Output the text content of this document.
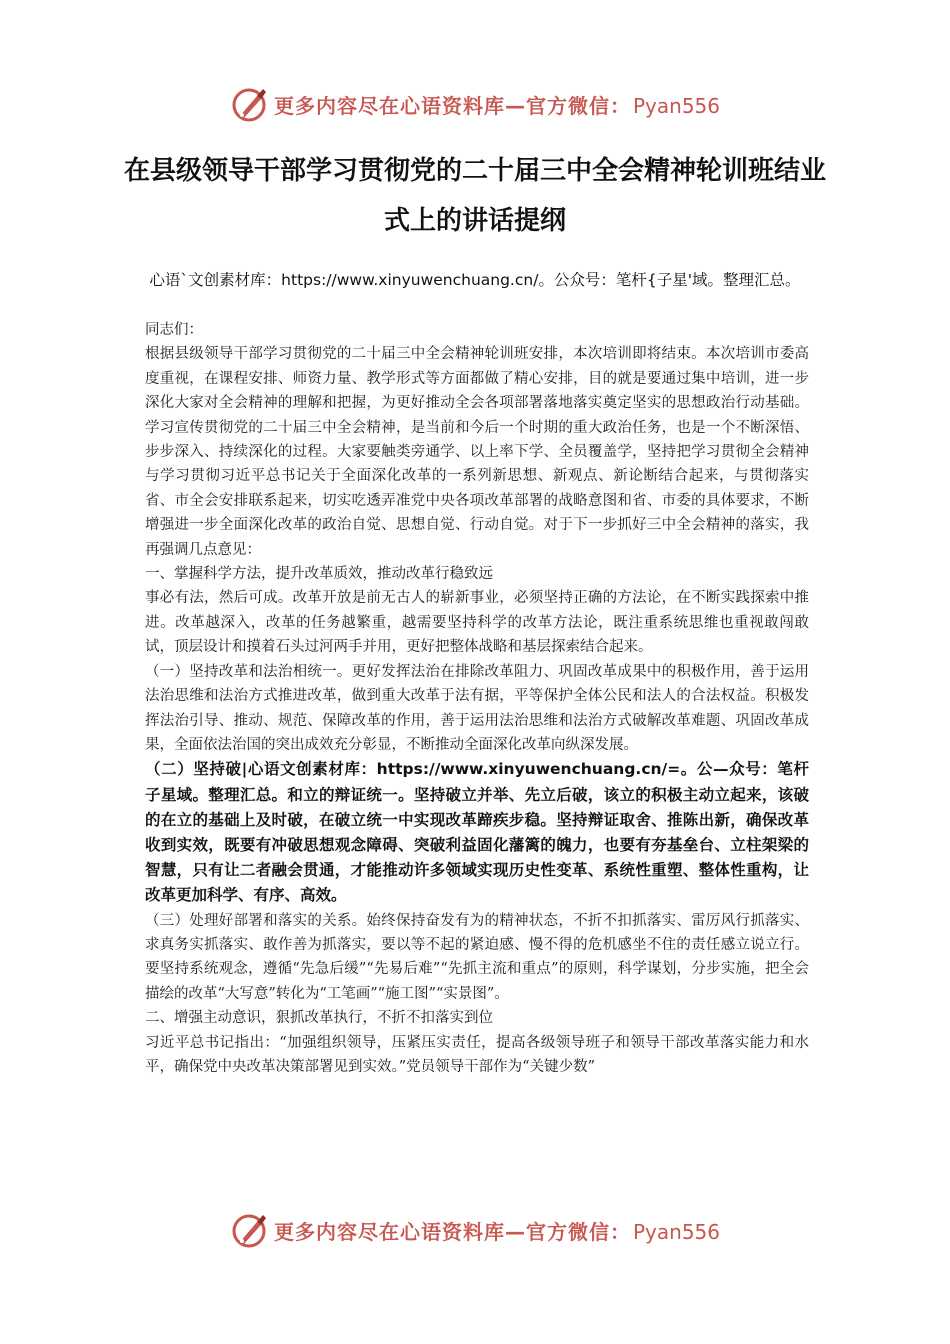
更多内容尽在心语资料库—官方微信： Pyan556
在县级领导干部学习贯彻党的二十届三中全会精神轮训班结业式上的讲话提纲
心语`文创素材库：https://www.xinyuwenchuang.cn/。公众号：笔杆{子星'域。整理汇总。

同志们：

根据县级领导干部学习贯彻党的二十届三中全会精神轮训班安排，本次培训即将结束。本次培训市委高度重视，在课程安排、师资力量、教学形式等方面都做了精心安排，目的就是要通过集中培训，进一步深化大家对全会精神的理解和把握，为更好推动全会各项部署落地落实奠定坚实的思想政治行动基础。学习宣传贯彻党的二十届三中全会精神，是当前和今后一个时期的重大政治任务，也是一个不断深悟、步步深入、持续深化的过程。大家要触类旁通学、以上率下学、全员覆盖学，坚持把学习贯彻全会精神与学习贯彻习近平总书记关于全面深化改革的一系列新思想、新观点、新论断结合起来，与贯彻落实省、市全会安排联系起来，切实吃透弄准党中央各项改革部署的战略意图和省、市委的具体要求，不断增强进一步全面深化改革的政治自觉、思想自觉、行动自觉。对于下一步抓好三中全会精神的落实，我再强调几点意见：

一、掌握科学方法，提升改革质效，推动改革行稳致远

事必有法，然后可成。改革开放是前无古人的崭新事业，必须坚持正确的方法论，在不断实践探索中推进。改革越深入，改革的任务越繁重，越需要坚持科学的改革方法论，既注重系统思维也重视敢闯敢试，顶层设计和摸着石头过河两手并用，更好把整体战略和基层探索结合起来。

（一）坚持改革和法治相统一。更好发挥法治在排除改革阻力、巩固改革成果中的积极作用，善于运用法治思维和法治方式推进改革，做到重大改革于法有据，平等保护全体公民和法人的合法权益。积极发挥法治引导、推动、规范、保障改革的作用，善于运用法治思维和法治方式破解改革难题、巩固改革成果，全面依法治国的突出成效充分彰显，不断推动全面深化改革向纵深发展。

（二）坚持破|心语文创素材库：https://www.xinyuwenchuang.cn/=。公—众号：笔杆子星域。整理汇总。和立的辩证统一。坚持破立并举、先立后破，该立的积极主动立起来，该破的在立的基础上及时破，在破立统一中实现改革蹄疾步稳。坚持辩证取舍、推陈出新，确保改革收到实效，既要有冲破思想观念障碍、突破利益固化藩篱的魄力，也要有夯基垒台、立柱架梁的智慧，只有让二者融会贯通，才能推动许多领域实现历史性变革、系统性重塑、整体性重构，让改革更加科学、有序、高效。

（三）处理好部署和落实的关系。始终保持奋发有为的精神状态，不折不扣抓落实、雷厉风行抓落实、求真务实抓落实、敢作善为抓落实，要以等不起的紧迫感、慢不得的危机感坐不住的责任感立说立行。要坚持系统观念，遵循“先急后缓”“先易后难”“先抓主流和重点”的原则，科学谋划，分步实施，把全会描绘的改革“大写意”转化为“工笔画”“施工图”“实景图”。

二、增强主动意识，狠抓改革执行，不折不扣落实到位

习近平总书记指出：“加强组织领导，压紧压实责任，提高各级领导班子和领导干部改革落实能力和水平，确保党中央改革决策部署见到实效。”党员领导干部作为“关键少数”

更多内容尽在心语资料库—官方微信： Pyan556
